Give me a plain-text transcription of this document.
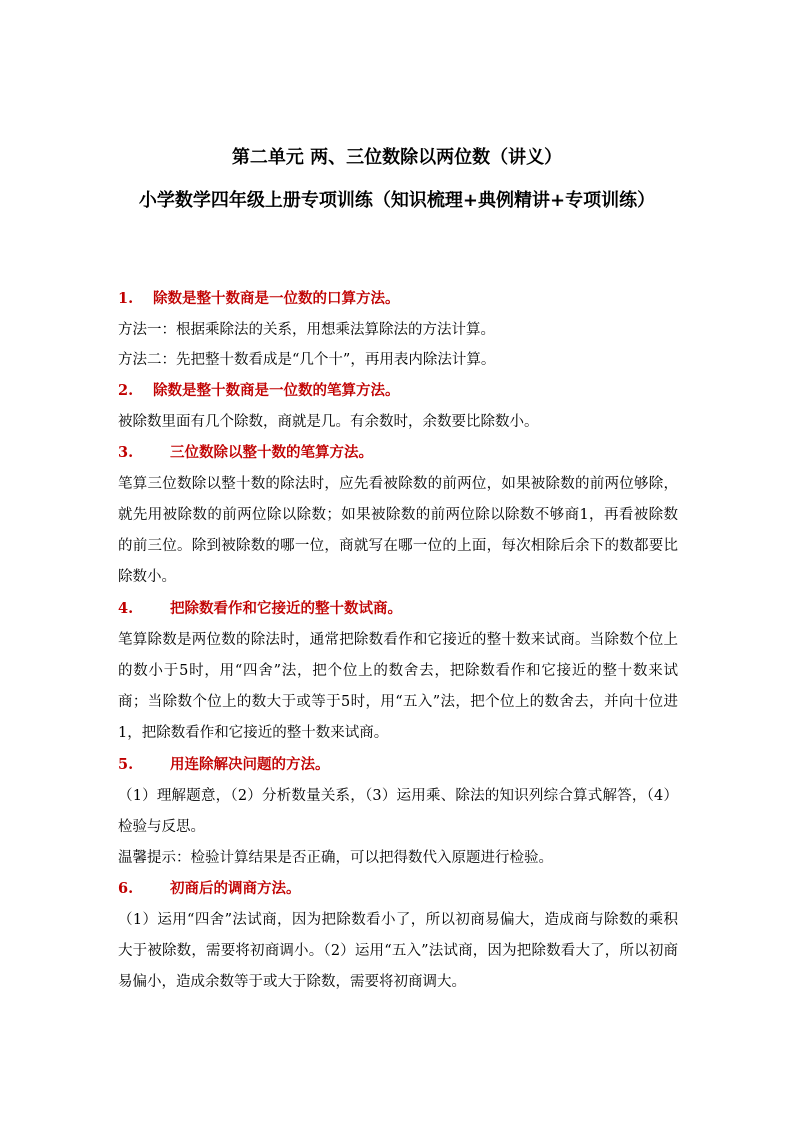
第二单元 两、三位数除以两位数（讲义）
小学数学四年级上册专项训练（知识梳理+典例精讲+专项训练）
1. 除数是整十数商是一位数的口算方法。
方法一：根据乘除法的关系，用想乘法算除法的方法计算。
方法二：先把整十数看成是“几个十”，再用表内除法计算。
2. 除数是整十数商是一位数的笔算方法。
被除数里面有几个除数，商就是几。有余数时，余数要比除数小。
3.	三位数除以整十数的笔算方法。
笔算三位数除以整十数的除法时，应先看被除数的前两位，如果被除数的前两位够除，就先用被除数的前两位除以除数；如果被除数的前两位除以除数不够商1，再看被除数的前三位。除到被除数的哪一位，商就写在哪一位的上面，每次相除后余下的数都要比除数小。
4.	把除数看作和它接近的整十数试商。
笔算除数是两位数的除法时，通常把除数看作和它接近的整十数来试商。当除数个位上的数小于5时，用“四舍”法，把个位上的数舍去，把除数看作和它接近的整十数来试商；当除数个位上的数大于或等于5时，用“五入”法，把个位上的数舍去，并向十位进1，把除数看作和它接近的整十数来试商。
5.	用连除解决问题的方法。
（1）理解题意，（2）分析数量关系，（3）运用乘、除法的知识列综合算式解答，（4）检验与反思。
温馨提示：检验计算结果是否正确，可以把得数代入原题进行检验。
6.	初商后的调商方法。
（1）运用“四舍”法试商，因为把除数看小了，所以初商易偏大，造成商与除数的乘积大于被除数，需要将初商调小。（2）运用“五入”法试商，因为把除数看大了，所以初商易偏小，造成余数等于或大于除数，需要将初商调大。
